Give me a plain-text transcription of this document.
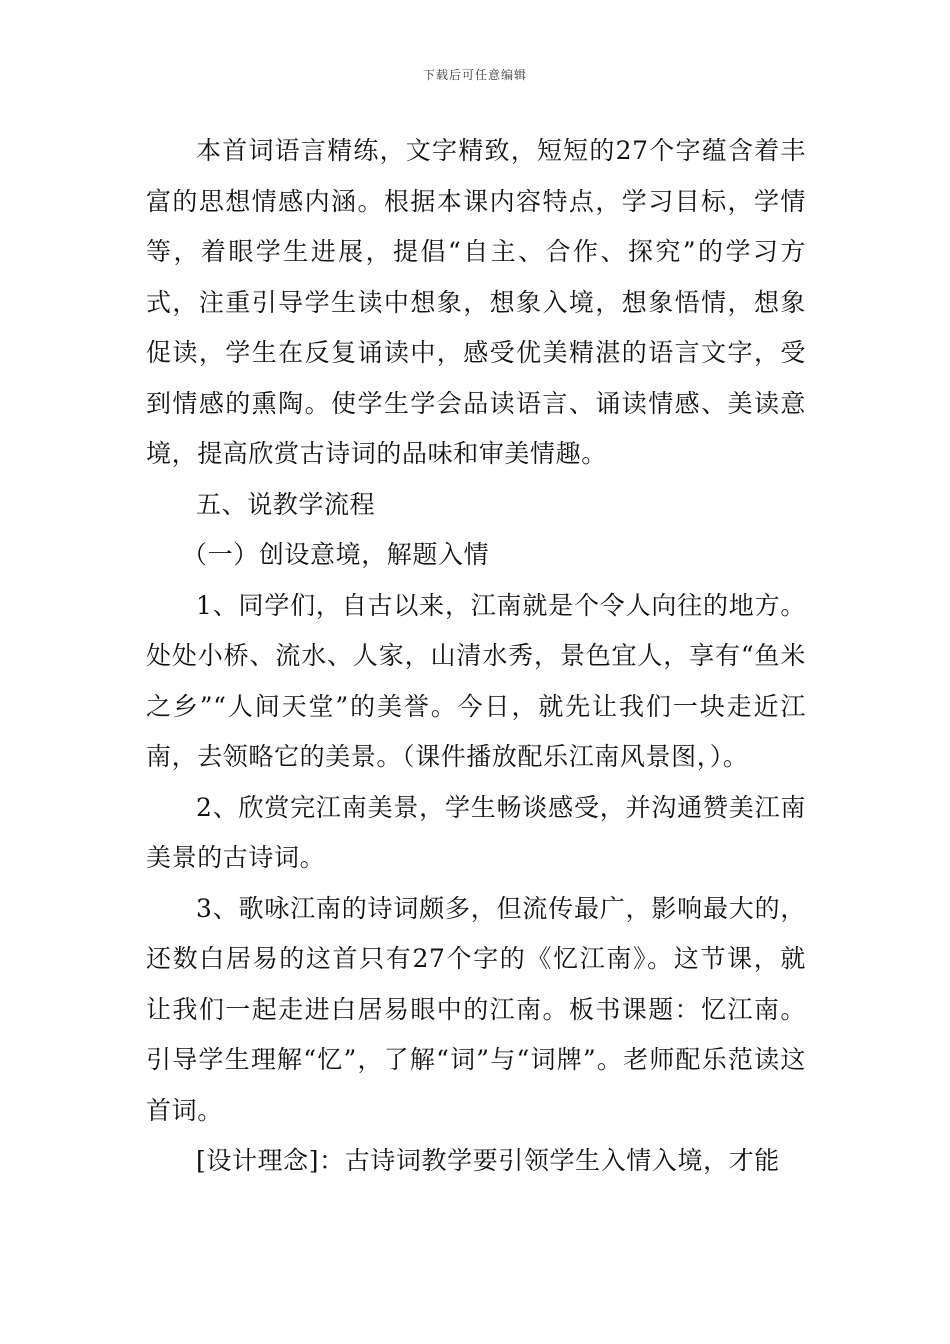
下载后可任意编辑

本首词语言精练，文字精致，短短的27个字蕴含着丰富的思想情感内涵。根据本课内容特点，学习目标，学情等，着眼学生进展，提倡“自主、合作、探究”的学习方式，注重引导学生读中想象，想象入境，想象悟情，想象促读，学生在反复诵读中，感受优美精湛的语言文字，受到情感的熏陶。使学生学会品读语言、诵读情感、美读意境，提高欣赏古诗词的品味和审美情趣。

五、说教学流程

（一）创设意境，解题入情

1、同学们，自古以来，江南就是个令人向往的地方。处处小桥、流水、人家，山清水秀，景色宜人，享有“鱼米之乡”“人间天堂”的美誉。今日，就先让我们一块走近江南，去领略它的美景。（课件播放配乐江南风景图，）。

2、欣赏完江南美景，学生畅谈感受，并沟通赞美江南美景的古诗词。

3、歌咏江南的诗词颇多，但流传最广，影响最大的，还数白居易的这首只有27个字的《忆江南》。这节课，就让我们一起走进白居易眼中的江南。板书课题：忆江南。引导学生理解“忆”，了解“词”与“词牌”。老师配乐范读这首词。

[设计理念]：古诗词教学要引领学生入情入境，才能
